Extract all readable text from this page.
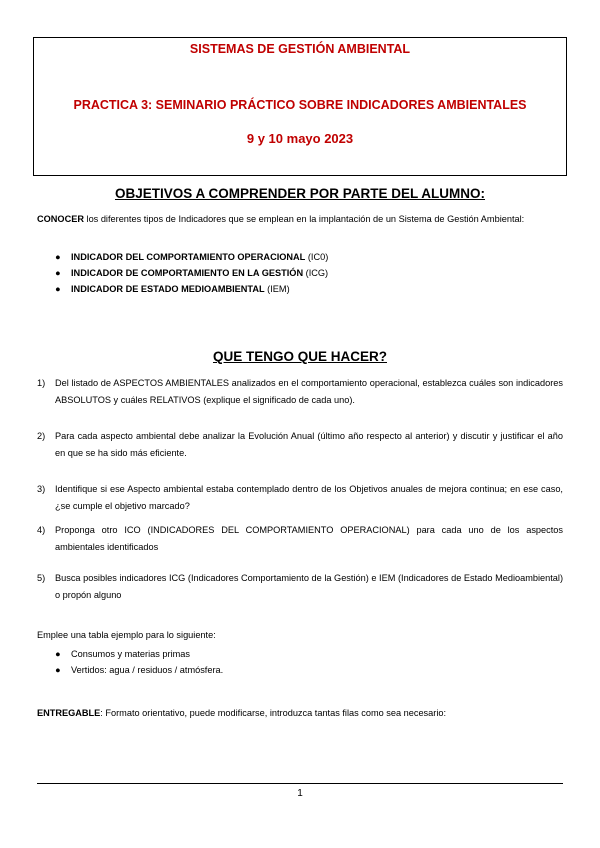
SISTEMAS DE GESTIÓN AMBIENTAL
PRACTICA 3: SEMINARIO PRÁCTICO SOBRE INDICADORES AMBIENTALES
9 y 10 mayo 2023
OBJETIVOS A COMPRENDER POR PARTE DEL ALUMNO:
CONOCER los diferentes tipos de Indicadores que se emplean en la implantación de un Sistema de Gestión Ambiental:
● INDICADOR DEL COMPORTAMIENTO OPERACIONAL (IC0)
● INDICADOR DE COMPORTAMIENTO EN LA GESTIÓN (ICG)
● INDICADOR DE ESTADO MEDIOAMBIENTAL (IEM)
QUE TENGO QUE HACER?
1) Del listado de ASPECTOS AMBIENTALES analizados en el comportamiento operacional, establezca cuáles son indicadores ABSOLUTOS y cuáles RELATIVOS (explique el significado de cada uno).
2) Para cada aspecto ambiental debe analizar la Evolución Anual (último año respecto al anterior) y discutir y justificar el año en que se ha sido más eficiente.
3) Identifique si ese Aspecto ambiental estaba contemplado dentro de los Objetivos anuales de mejora continua; en ese caso, ¿se cumple el objetivo marcado?
4) Proponga otro ICO (INDICADORES DEL COMPORTAMIENTO OPERACIONAL) para cada uno de los aspectos ambientales identificados
5) Busca posibles indicadores ICG (Indicadores Comportamiento de la Gestión) e IEM (Indicadores de Estado Medioambiental) o propón alguno
Emplee una tabla ejemplo para lo siguiente:
● Consumos y materias primas
● Vertidos: agua / residuos / atmósfera.
ENTREGABLE: Formato orientativo, puede modificarse, introduzca tantas filas como sea necesario:
1
